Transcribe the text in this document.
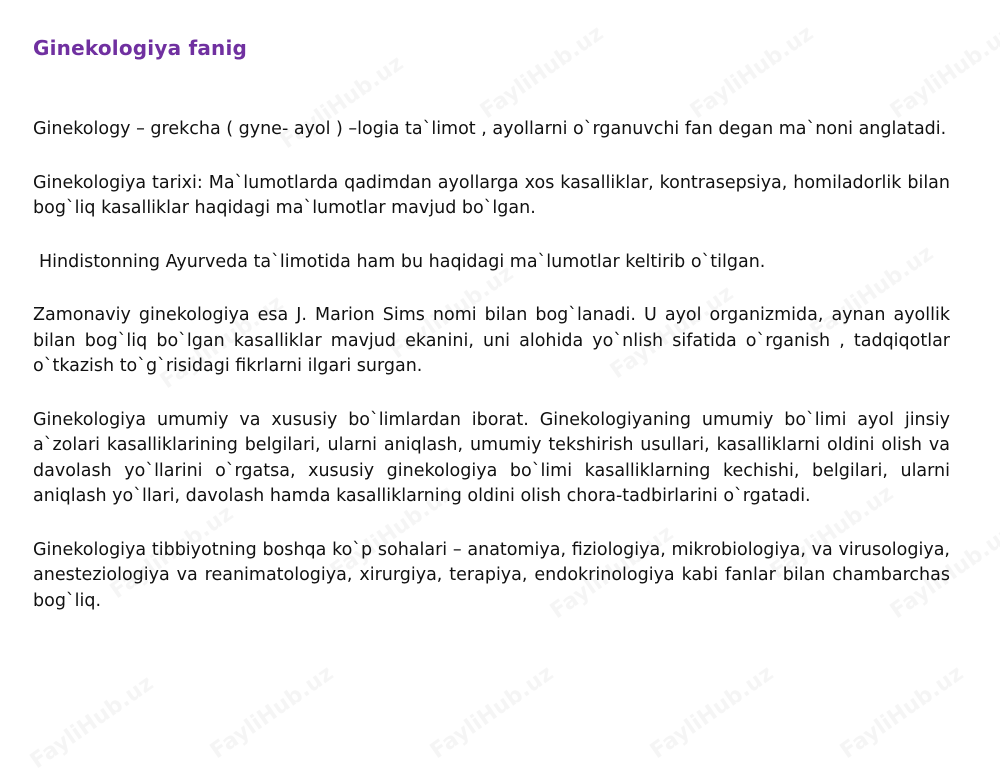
Ginekologiya fanig

Ginekology – grekcha ( gyne- ayol ) –logia ta`limot , ayollarni o`rganuvchi fan degan ma`noni anglatadi.

Ginekologiya tarixi: Ma`lumotlarda qadimdan ayollarga xos kasalliklar, kontrasepsiya, homiladorlik bilan bog`liq kasalliklar haqidagi ma`lumotlar mavjud bo`lgan.

Hindistonning Ayurveda ta`limotida ham bu haqidagi ma`lumotlar keltirib o`tilgan.

Zamonaviy ginekologiya esa J. Marion Sims nomi bilan bog`lanadi. U ayol organizmida, aynan ayollik bilan bog`liq bo`lgan kasalliklar mavjud ekanini, uni alohida yo`nlish sifatida o`rganish , tadqiqotlar o`tkazish to`g`risidagi fikrlarni ilgari surgan.

Ginekologiya umumiy va xususiy bo`limlardan iborat. Ginekologiyaning umumiy bo`limi ayol jinsiy a`zolari kasalliklarining belgilari, ularni aniqlash, umumiy tekshirish usullari, kasalliklarni oldini olish va davolash yo`llarini o`rgatsa, xususiy ginekologiya bo`limi kasalliklarning kechishi, belgilari, ularni aniqlash yo`llari, davolash hamda kasalliklarning oldini olish chora-tadbirlarini o`rgatadi.

Ginekologiya tibbiyotning boshqa ko`p sohalari – anatomiya, fiziologiya, mikrobiologiya, va virusologiya, anesteziologiya va reanimatologiya, xirurgiya, terapiya, endokrinologiya kabi fanlar bilan chambarchas bog`liq.
